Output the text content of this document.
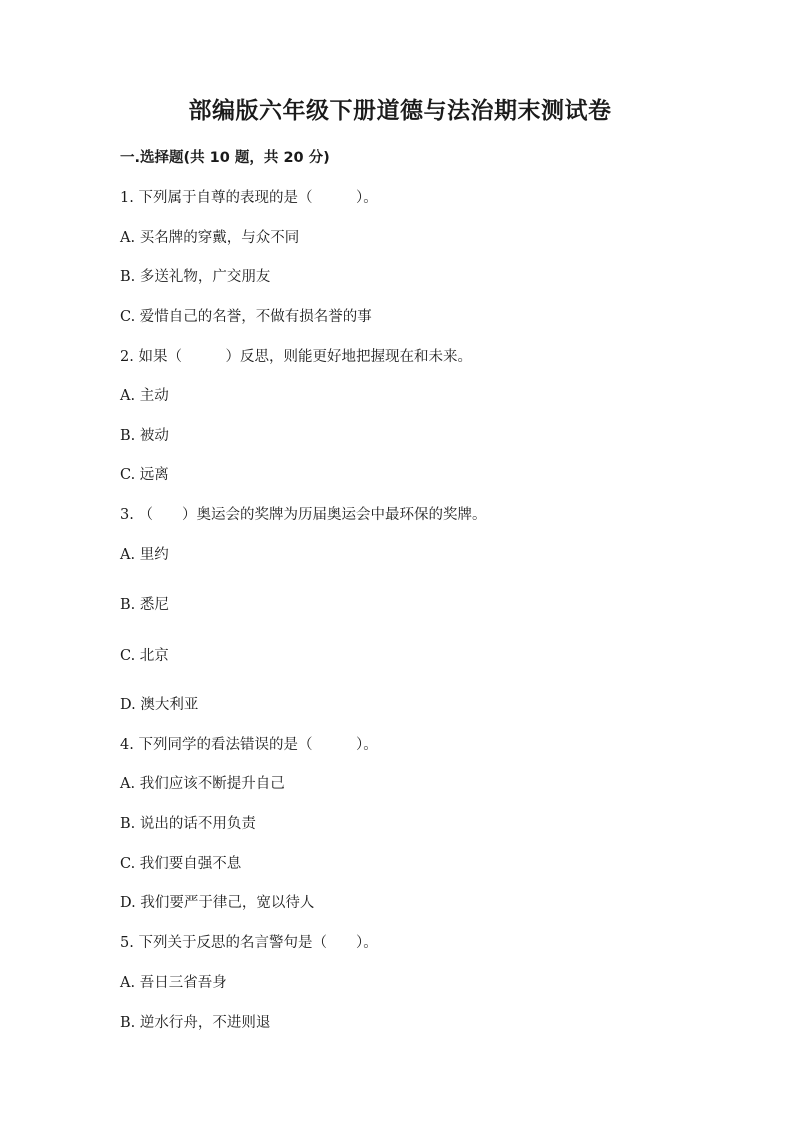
部编版六年级下册道德与法治期末测试卷
一.选择题(共 10 题，共 20 分)
1. 下列属于自尊的表现的是（　　　）。
A. 买名牌的穿戴，与众不同
B. 多送礼物，广交朋友
C. 爱惜自己的名誉，不做有损名誉的事
2. 如果（　　　）反思，则能更好地把握现在和未来。
A. 主动
B. 被动
C. 远离
3. （　　）奥运会的奖牌为历届奥运会中最环保的奖牌。
A. 里约
B. 悉尼
C. 北京
D. 澳大利亚
4. 下列同学的看法错误的是（　　　）。
A. 我们应该不断提升自己
B. 说出的话不用负责
C. 我们要自强不息
D. 我们要严于律己，宽以待人
5. 下列关于反思的名言警句是（　　）。
A. 吾日三省吾身
B. 逆水行舟，不进则退
